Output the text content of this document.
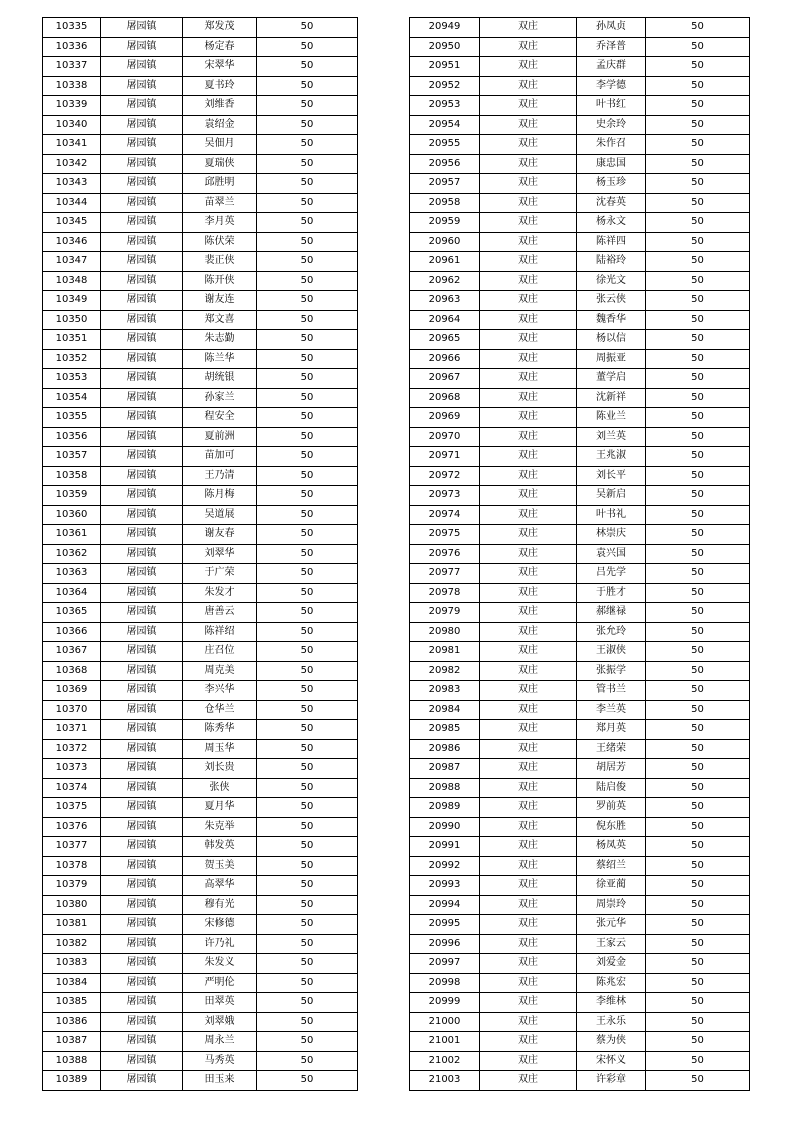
10335	屠园镇	郑发茂	50
10336	屠园镇	杨定春	50
10337	屠园镇	宋翠华	50
10338	屠园镇	夏书玲	50
10339	屠园镇	刘维香	50
10340	屠园镇	袁绍金	50
10341	屠园镇	吴佃月	50
10342	屠园镇	夏瑞侠	50
10343	屠园镇	邱胜明	50
10344	屠园镇	苗翠兰	50
10345	屠园镇	李月英	50
10346	屠园镇	陈伏荣	50
10347	屠园镇	裴正侠	50
10348	屠园镇	陈开侠	50
10349	屠园镇	谢友连	50
10350	屠园镇	郑文喜	50
10351	屠园镇	朱志勤	50
10352	屠园镇	陈兰华	50
10353	屠园镇	胡统银	50
10354	屠园镇	孙家兰	50
10355	屠园镇	程安全	50
10356	屠园镇	夏前洲	50
10357	屠园镇	苗加可	50
10358	屠园镇	王乃清	50
10359	屠园镇	陈月梅	50
10360	屠园镇	吴道展	50
10361	屠园镇	谢友春	50
10362	屠园镇	刘翠华	50
10363	屠园镇	于广荣	50
10364	屠园镇	朱发才	50
10365	屠园镇	唐善云	50
10366	屠园镇	陈祥绍	50
10367	屠园镇	庄召位	50
10368	屠园镇	周克美	50
10369	屠园镇	李兴华	50
10370	屠园镇	仓华兰	50
10371	屠园镇	陈秀华	50
10372	屠园镇	周玉华	50
10373	屠园镇	刘长贵	50
10374	屠园镇	张侠	50
10375	屠园镇	夏月华	50
10376	屠园镇	朱克举	50
10377	屠园镇	韩发英	50
10378	屠园镇	贺玉美	50
10379	屠园镇	高翠华	50
10380	屠园镇	穆有光	50
10381	屠园镇	宋修德	50
10382	屠园镇	许乃礼	50
10383	屠园镇	朱发义	50
10384	屠园镇	严明伦	50
10385	屠园镇	田翠英	50
10386	屠园镇	刘翠娥	50
10387	屠园镇	周永兰	50
10388	屠园镇	马秀英	50
10389	屠园镇	田玉来	50
20949	双庄	孙凤贞	50
20950	双庄	乔泽普	50
20951	双庄	孟庆群	50
20952	双庄	李学德	50
20953	双庄	叶书红	50
20954	双庄	史余玲	50
20955	双庄	朱作召	50
20956	双庄	康忠国	50
20957	双庄	杨玉珍	50
20958	双庄	沈春英	50
20959	双庄	杨永文	50
20960	双庄	陈祥四	50
20961	双庄	陆裕玲	50
20962	双庄	徐光文	50
20963	双庄	张云侠	50
20964	双庄	魏香华	50
20965	双庄	杨以信	50
20966	双庄	周振亚	50
20967	双庄	董学启	50
20968	双庄	沈新祥	50
20969	双庄	陈业兰	50
20970	双庄	刘兰英	50
20971	双庄	王兆淑	50
20972	双庄	刘长平	50
20973	双庄	吴新启	50
20974	双庄	叶书礼	50
20975	双庄	林崇庆	50
20976	双庄	袁兴国	50
20977	双庄	吕先学	50
20978	双庄	于胜才	50
20979	双庄	郝继禄	50
20980	双庄	张允玲	50
20981	双庄	王淑侠	50
20982	双庄	张振学	50
20983	双庄	管书兰	50
20984	双庄	李兰英	50
20985	双庄	郑月英	50
20986	双庄	王绪荣	50
20987	双庄	胡居芳	50
20988	双庄	陆启俊	50
20989	双庄	罗前英	50
20990	双庄	倪东胜	50
20991	双庄	杨凤英	50
20992	双庄	蔡绍兰	50
20993	双庄	徐亚蔺	50
20994	双庄	周崇玲	50
20995	双庄	张元华	50
20996	双庄	王家云	50
20997	双庄	刘爱金	50
20998	双庄	陈兆宏	50
20999	双庄	李维林	50
21000	双庄	王永乐	50
21001	双庄	蔡为侠	50
21002	双庄	宋怀义	50
21003	双庄	许彩章	50
